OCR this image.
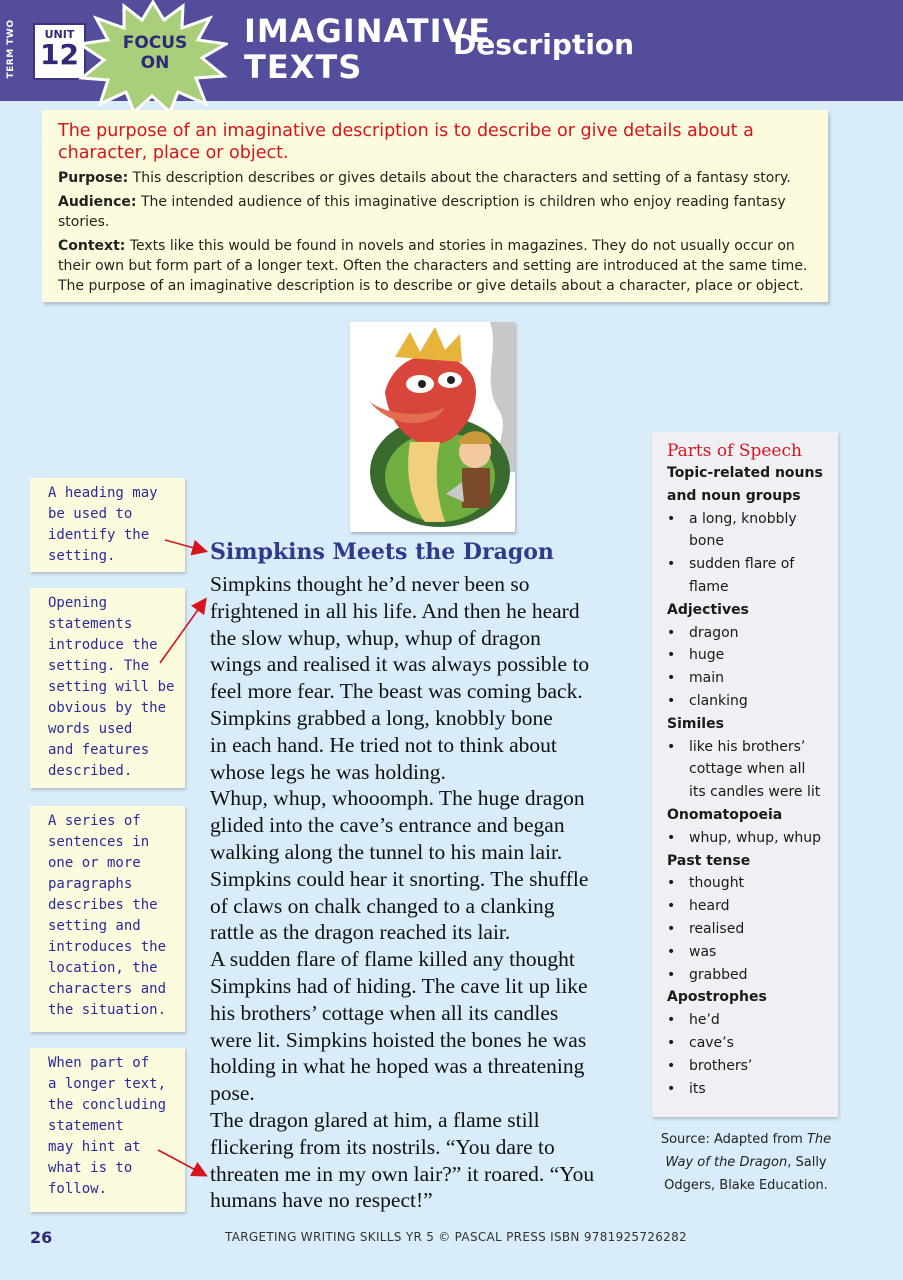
TERM TWO	UNIT
12	FOCUS
ON
IMAGINATIVE
TEXTS
Description

The purpose of an imaginative description is to describe or give details about a character, place or object.

Purpose: This description describes or gives details about the characters and setting of a fantasy story.

Audience: The intended audience of this imaginative description is children who enjoy reading fantasy stories.

Context: Texts like this would be found in novels and stories in magazines. They do not usually occur on their own but form part of a longer text. Often the characters and setting are introduced at the same time. The purpose of an imaginative description is to describe or give details about a character, place or object.

A heading may
be used to
identify the
setting.
Opening
statements
introduce the
setting. The
setting will be
obvious by the
words used
and features
described.
A series of
sentences in
one or more
paragraphs
describes the
setting and
introduces the
location, the
characters and
the situation.
When part of
a longer text,
the concluding
statement
may hint at
what is to
follow.
Simpkins Meets the Dragon
Simpkins thought he’d never been so
frightened in all his life. And then he heard
the slow whup, whup, whup of dragon
wings and realised it was always possible to
feel more fear. The beast was coming back.
Simpkins grabbed a long, knobbly bone
in each hand. He tried not to think about
whose legs he was holding.
Whup, whup, whooomph. The huge dragon
glided into the cave’s entrance and began
walking along the tunnel to his main lair.
Simpkins could hear it snorting. The shuffle
of claws on chalk changed to a clanking
rattle as the dragon reached its lair.
A sudden flare of flame killed any thought
Simpkins had of hiding. The cave lit up like
his brothers’ cottage when all its candles
were lit. Simpkins hoisted the bones he was
holding in what he hoped was a threatening
pose.
The dragon glared at him, a flame still
flickering from its nostrils. “You dare to
threaten me in my own lair?” it roared. “You
humans have no respect!”
Parts of Speech
Topic-related nouns
and noun groups
• a long, knobbly
bone
• sudden flare of
flame
Adjectives
• dragon
• huge
• main
• clanking
Similes
• like his brothers’
cottage when all
its candles were lit
Onomatopoeia
• whup, whup, whup
Past tense
• thought
• heard
• realised
• was
• grabbed
Apostrophes
• he’d
• cave’s
• brothers’
• its
Source: Adapted from The
Way of the Dragon, Sally
Odgers, Blake Education.
26	TARGETING WRITING SKILLS YR 5 © PASCAL PRESS ISBN 9781925726282
